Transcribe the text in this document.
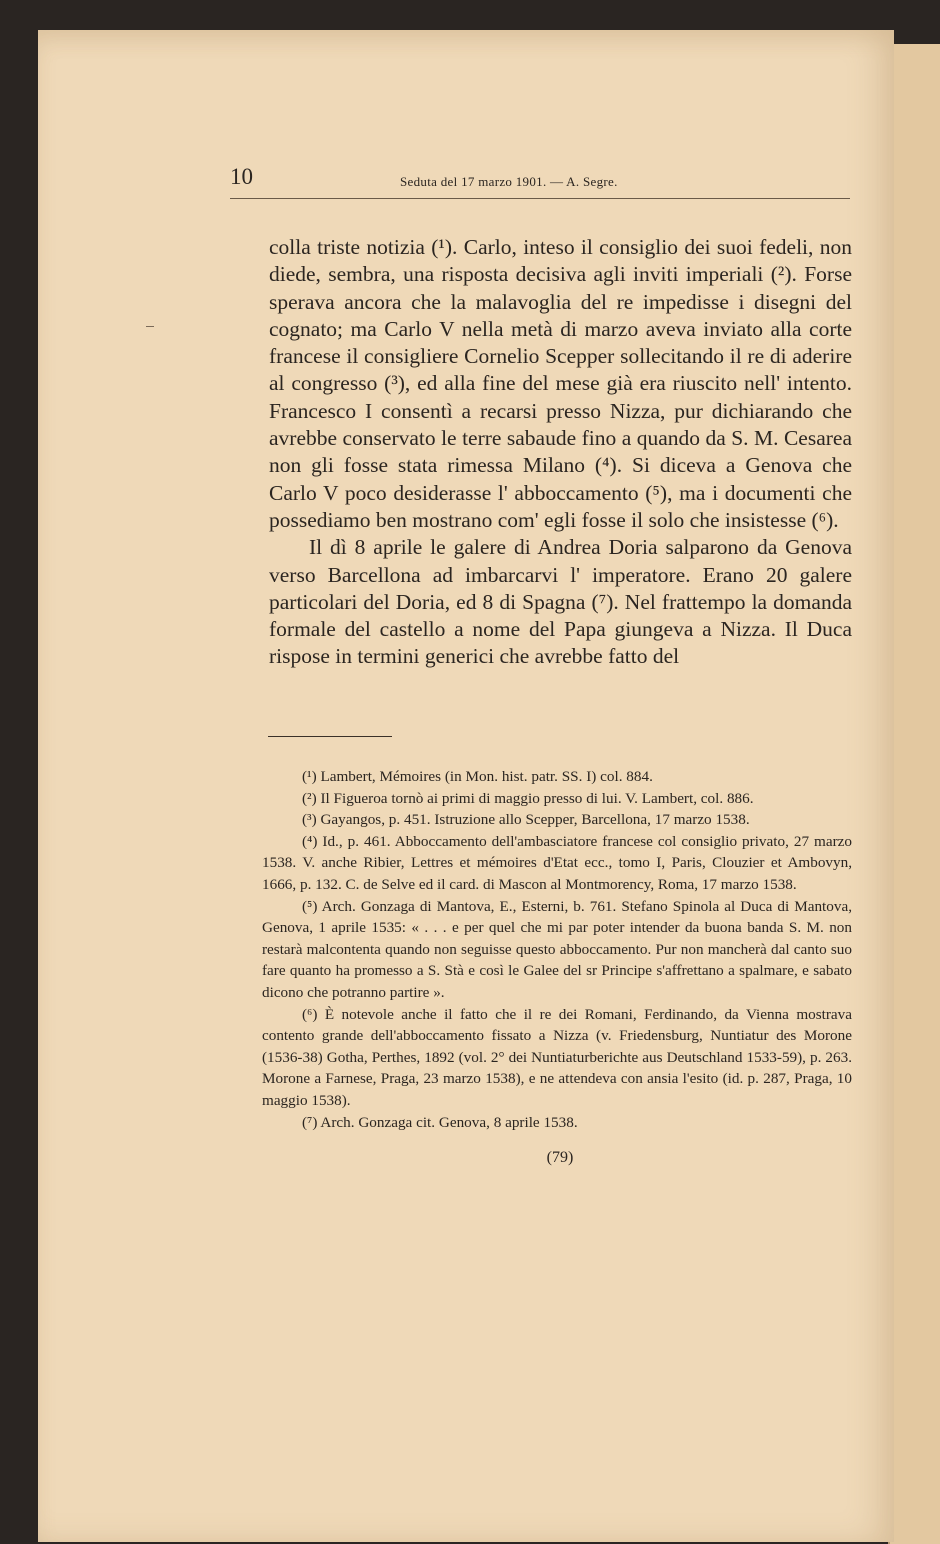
10	Seduta del 17 marzo 1901. — A. Segre.

colla triste notizia (¹). Carlo, inteso il consiglio dei suoi fedeli, non diede, sembra, una risposta decisiva agli inviti imperiali (²). Forse sperava ancora che la malavoglia del re impedisse i disegni del cognato; ma Carlo V nella metà di marzo aveva inviato alla corte francese il consigliere Cornelio Scepper sollecitando il re di aderire al congresso (³), ed alla fine del mese già era riuscito nell' intento. Francesco I consentì a recarsi presso Nizza, pur dichiarando che avrebbe conservato le terre sabaude fino a quando da S. M. Cesarea non gli fosse stata rimessa Milano (⁴). Si diceva a Genova che Carlo V poco desiderasse l' abboccamento (⁵), ma i documenti che possediamo ben mostrano com' egli fosse il solo che insistesse (⁶).

Il dì 8 aprile le galere di Andrea Doria salparono da Genova verso Barcellona ad imbarcarvi l' imperatore. Erano 20 galere particolari del Doria, ed 8 di Spagna (⁷). Nel frattempo la domanda formale del castello a nome del Papa giungeva a Nizza. Il Duca rispose in termini generici che avrebbe fatto del

(¹) Lambert, Mémoires (in Mon. hist. patr. SS. I) col. 884.

(²) Il Figueroa tornò ai primi di maggio presso di lui. V. Lambert, col. 886.

(³) Gayangos, p. 451. Istruzione allo Scepper, Barcellona, 17 marzo 1538.

(⁴) Id., p. 461. Abboccamento dell'ambasciatore francese col consiglio privato, 27 marzo 1538. V. anche Ribier, Lettres et mémoires d'Etat ecc., tomo I, Paris, Clouzier et Ambovyn, 1666, p. 132. C. de Selve ed il card. di Mascon al Montmorency, Roma, 17 marzo 1538.

(⁵) Arch. Gonzaga di Mantova, E., Esterni, b. 761. Stefano Spinola al Duca di Mantova, Genova, 1 aprile 1535: « . . . e per quel che mi par poter intender da buona banda S. M. non restarà malcontenta quando non seguisse questo abboccamento. Pur non mancherà dal canto suo fare quanto ha promesso a S. Stà e così le Galee del sr Principe s'affrettano a spalmare, e sabato dicono che potranno partire ».

(⁶) È notevole anche il fatto che il re dei Romani, Ferdinando, da Vienna mostrava contento grande dell'abboccamento fissato a Nizza (v. Friedensburg, Nuntiatur des Morone (1536-38) Gotha, Perthes, 1892 (vol. 2° dei Nuntiaturberichte aus Deutschland 1533-59), p. 263. Morone a Farnese, Praga, 23 marzo 1538), e ne attendeva con ansia l'esito (id. p. 287, Praga, 10 maggio 1538).

(⁷) Arch. Gonzaga cit. Genova, 8 aprile 1538.

(79)
